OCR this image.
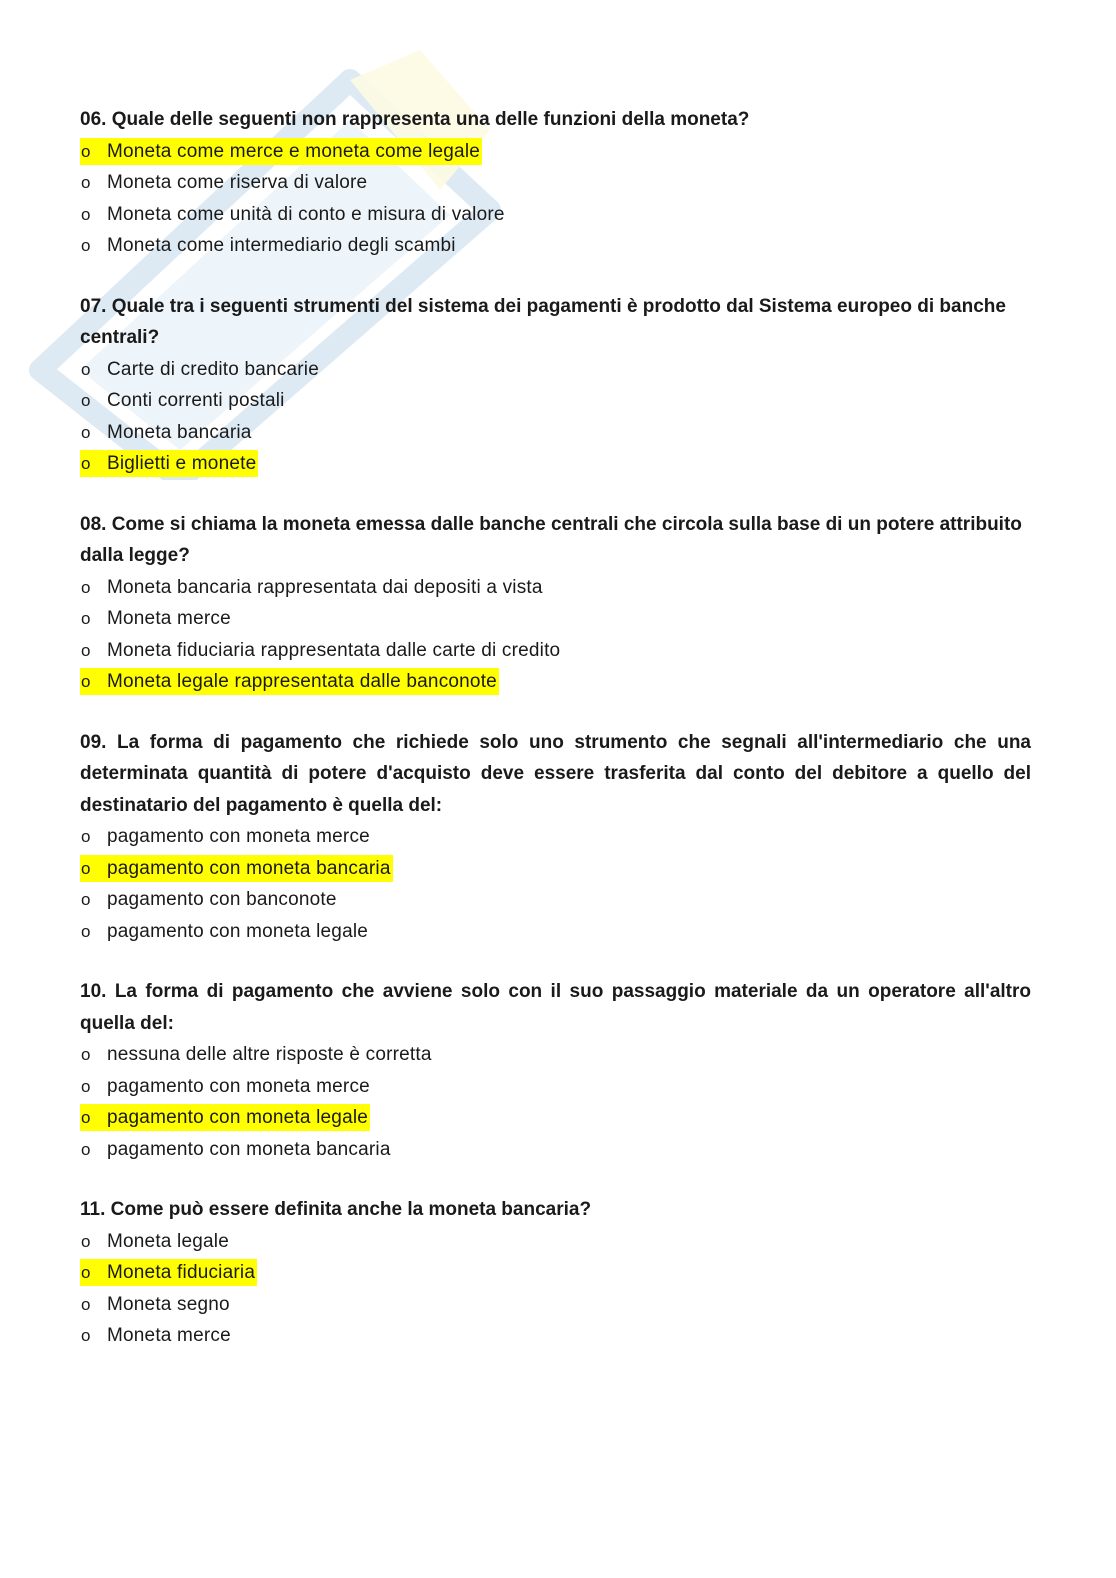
06. Quale delle seguenti non rappresenta una delle funzioni della moneta?

o Moneta come merce e moneta come legale
o Moneta come riserva di valore
o Moneta come unità di conto e misura di valore
o Moneta come intermediario degli scambi

07. Quale tra i seguenti strumenti del sistema dei pagamenti è prodotto dal Sistema europeo di banche centrali?

o Carte di credito bancarie
o Conti correnti postali
o Moneta bancaria
o Biglietti e monete

08. Come si chiama la moneta emessa dalle banche centrali che circola sulla base di un potere attribuito dalla legge?

o Moneta bancaria rappresentata dai depositi a vista
o Moneta merce
o Moneta fiduciaria rappresentata dalle carte di credito
o Moneta legale rappresentata dalle banconote

09. La forma di pagamento che richiede solo uno strumento che segnali all'intermediario che una determinata quantità di potere d'acquisto deve essere trasferita dal conto del debitore a quello del destinatario del pagamento è quella del:

o pagamento con moneta merce
o pagamento con moneta bancaria
o pagamento con banconote
o pagamento con moneta legale

10. La forma di pagamento che avviene solo con il suo passaggio materiale da un operatore all'altro quella del:

o nessuna delle altre risposte è corretta
o pagamento con moneta merce
o pagamento con moneta legale
o pagamento con moneta bancaria

11. Come può essere definita anche la moneta bancaria?

o Moneta legale
o Moneta fiduciaria
o Moneta segno
o Moneta merce
